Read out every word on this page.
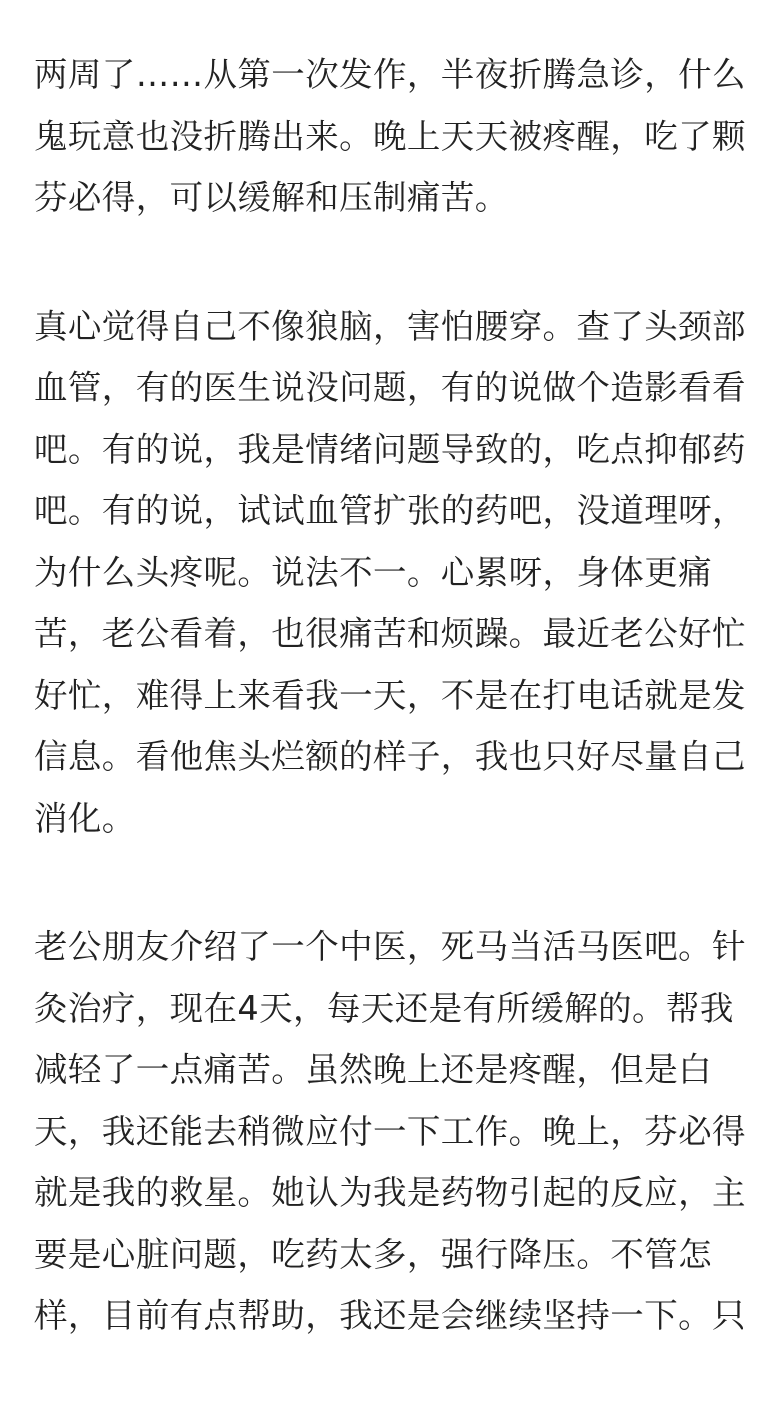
两周了……从第一次发作，半夜折腾急诊，什么
鬼玩意也没折腾出来。晚上天天被疼醒，吃了颗
芬必得，可以缓解和压制痛苦。

真心觉得自己不像狼脑，害怕腰穿。查了头颈部
血管，有的医生说没问题，有的说做个造影看看
吧。有的说，我是情绪问题导致的，吃点抑郁药
吧。有的说，试试血管扩张的药吧，没道理呀，
为什么头疼呢。说法不一。心累呀，身体更痛
苦，老公看着，也很痛苦和烦躁。最近老公好忙
好忙，难得上来看我一天，不是在打电话就是发
信息。看他焦头烂额的样子，我也只好尽量自己
消化。

老公朋友介绍了一个中医，死马当活马医吧。针
灸治疗，现在4天，每天还是有所缓解的。帮我
减轻了一点痛苦。虽然晚上还是疼醒，但是白
天，我还能去稍微应付一下工作。晚上，芬必得
就是我的救星。她认为我是药物引起的反应，主
要是心脏问题，吃药太多，强行降压。不管怎
样，目前有点帮助，我还是会继续坚持一下。只
